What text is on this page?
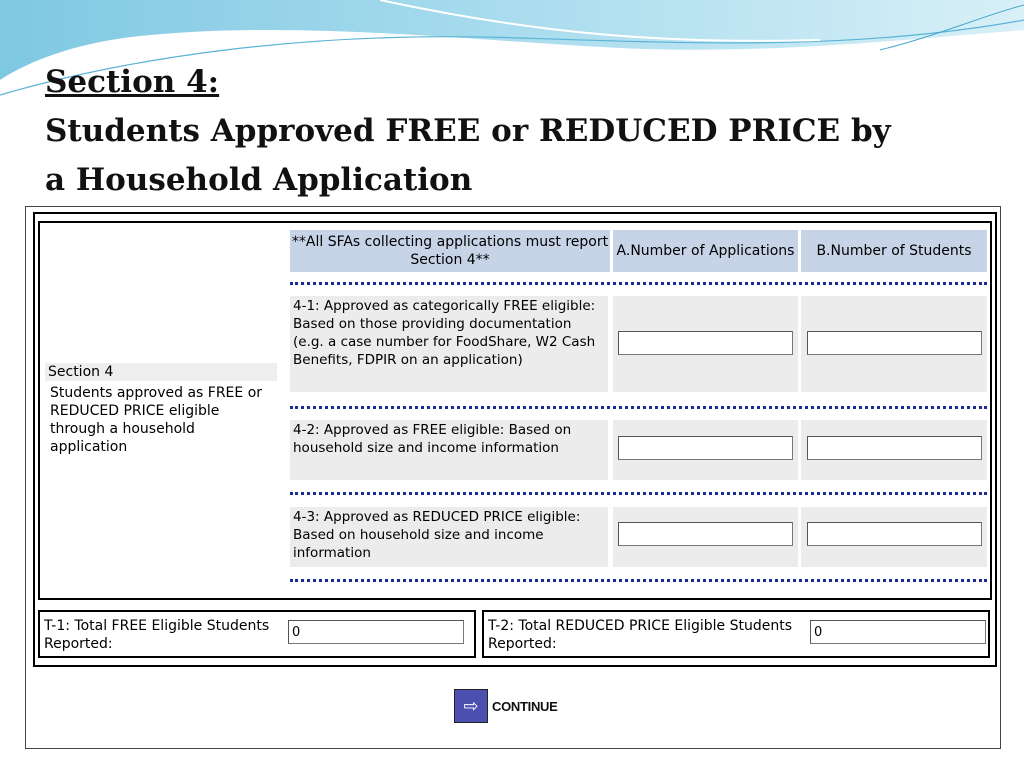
Section 4:
Students Approved FREE or REDUCED PRICE by
a Household Application
Section 4
Students approved as FREE or REDUCED PRICE eligible through a household application
**All SFAs collecting applications must report Section 4**
A.Number of Applications	B.Number of Students
4-1: Approved as categorically FREE eligible: Based on those providing documentation (e.g. a case number for FoodShare, W2 Cash Benefits, FDPIR on an application)
4-2: Approved as FREE eligible: Based on household size and income information
4-3: Approved as REDUCED PRICE eligible: Based on household size and income information
T-1: Total FREE Eligible Students Reported:
0
T-2: Total REDUCED PRICE Eligible Students Reported:
0
⇨	CONTINUE
